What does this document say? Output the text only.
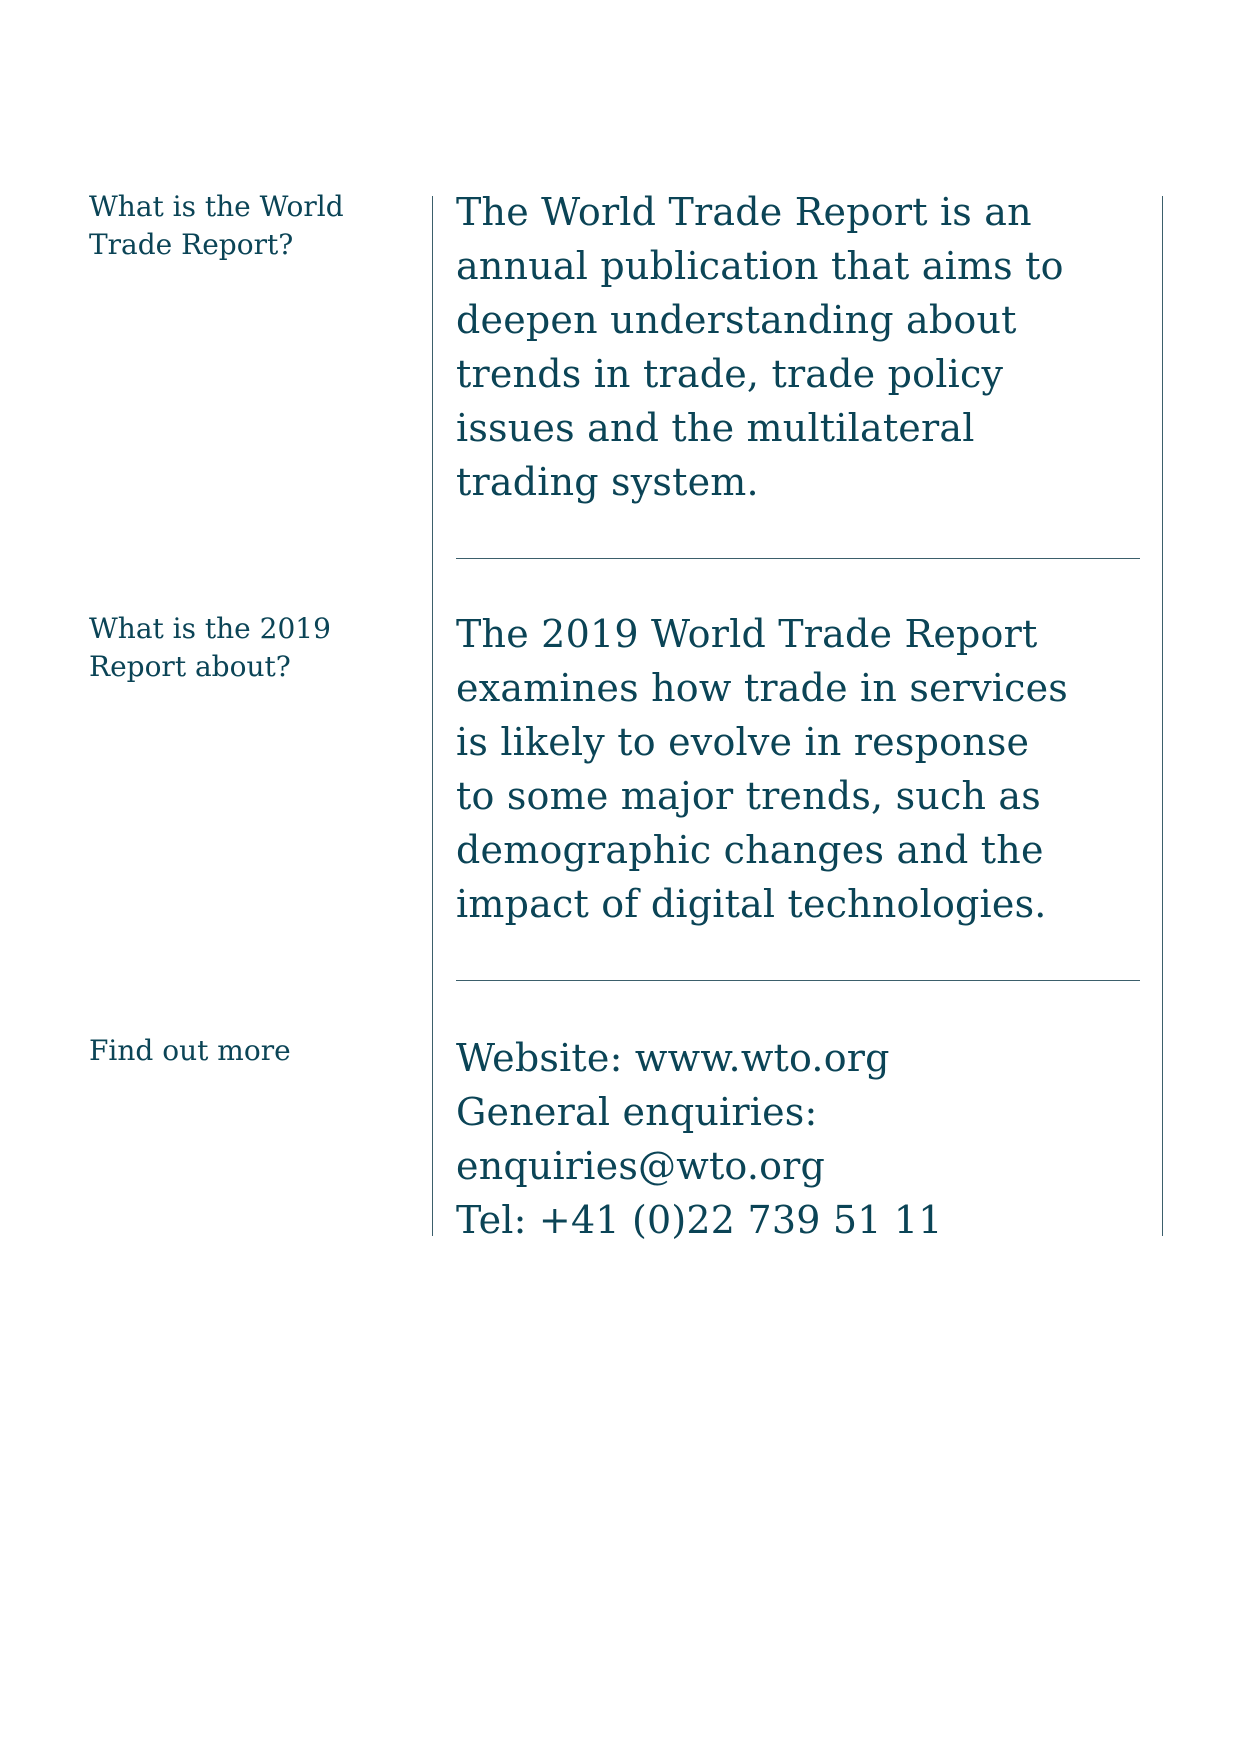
What is the World
Trade Report?

The World Trade Report is an
annual publication that aims to
deepen understanding about
trends in trade, trade policy
issues and the multilateral
trading system.

What is the 2019
Report about?

The 2019 World Trade Report
examines how trade in services
is likely to evolve in response
to some major trends, such as
demographic changes and the
impact of digital technologies.

Find out more	Website: www.wto.org
General enquiries:
enquiries@wto.org
Tel: +41 (0)22 739 51 11
